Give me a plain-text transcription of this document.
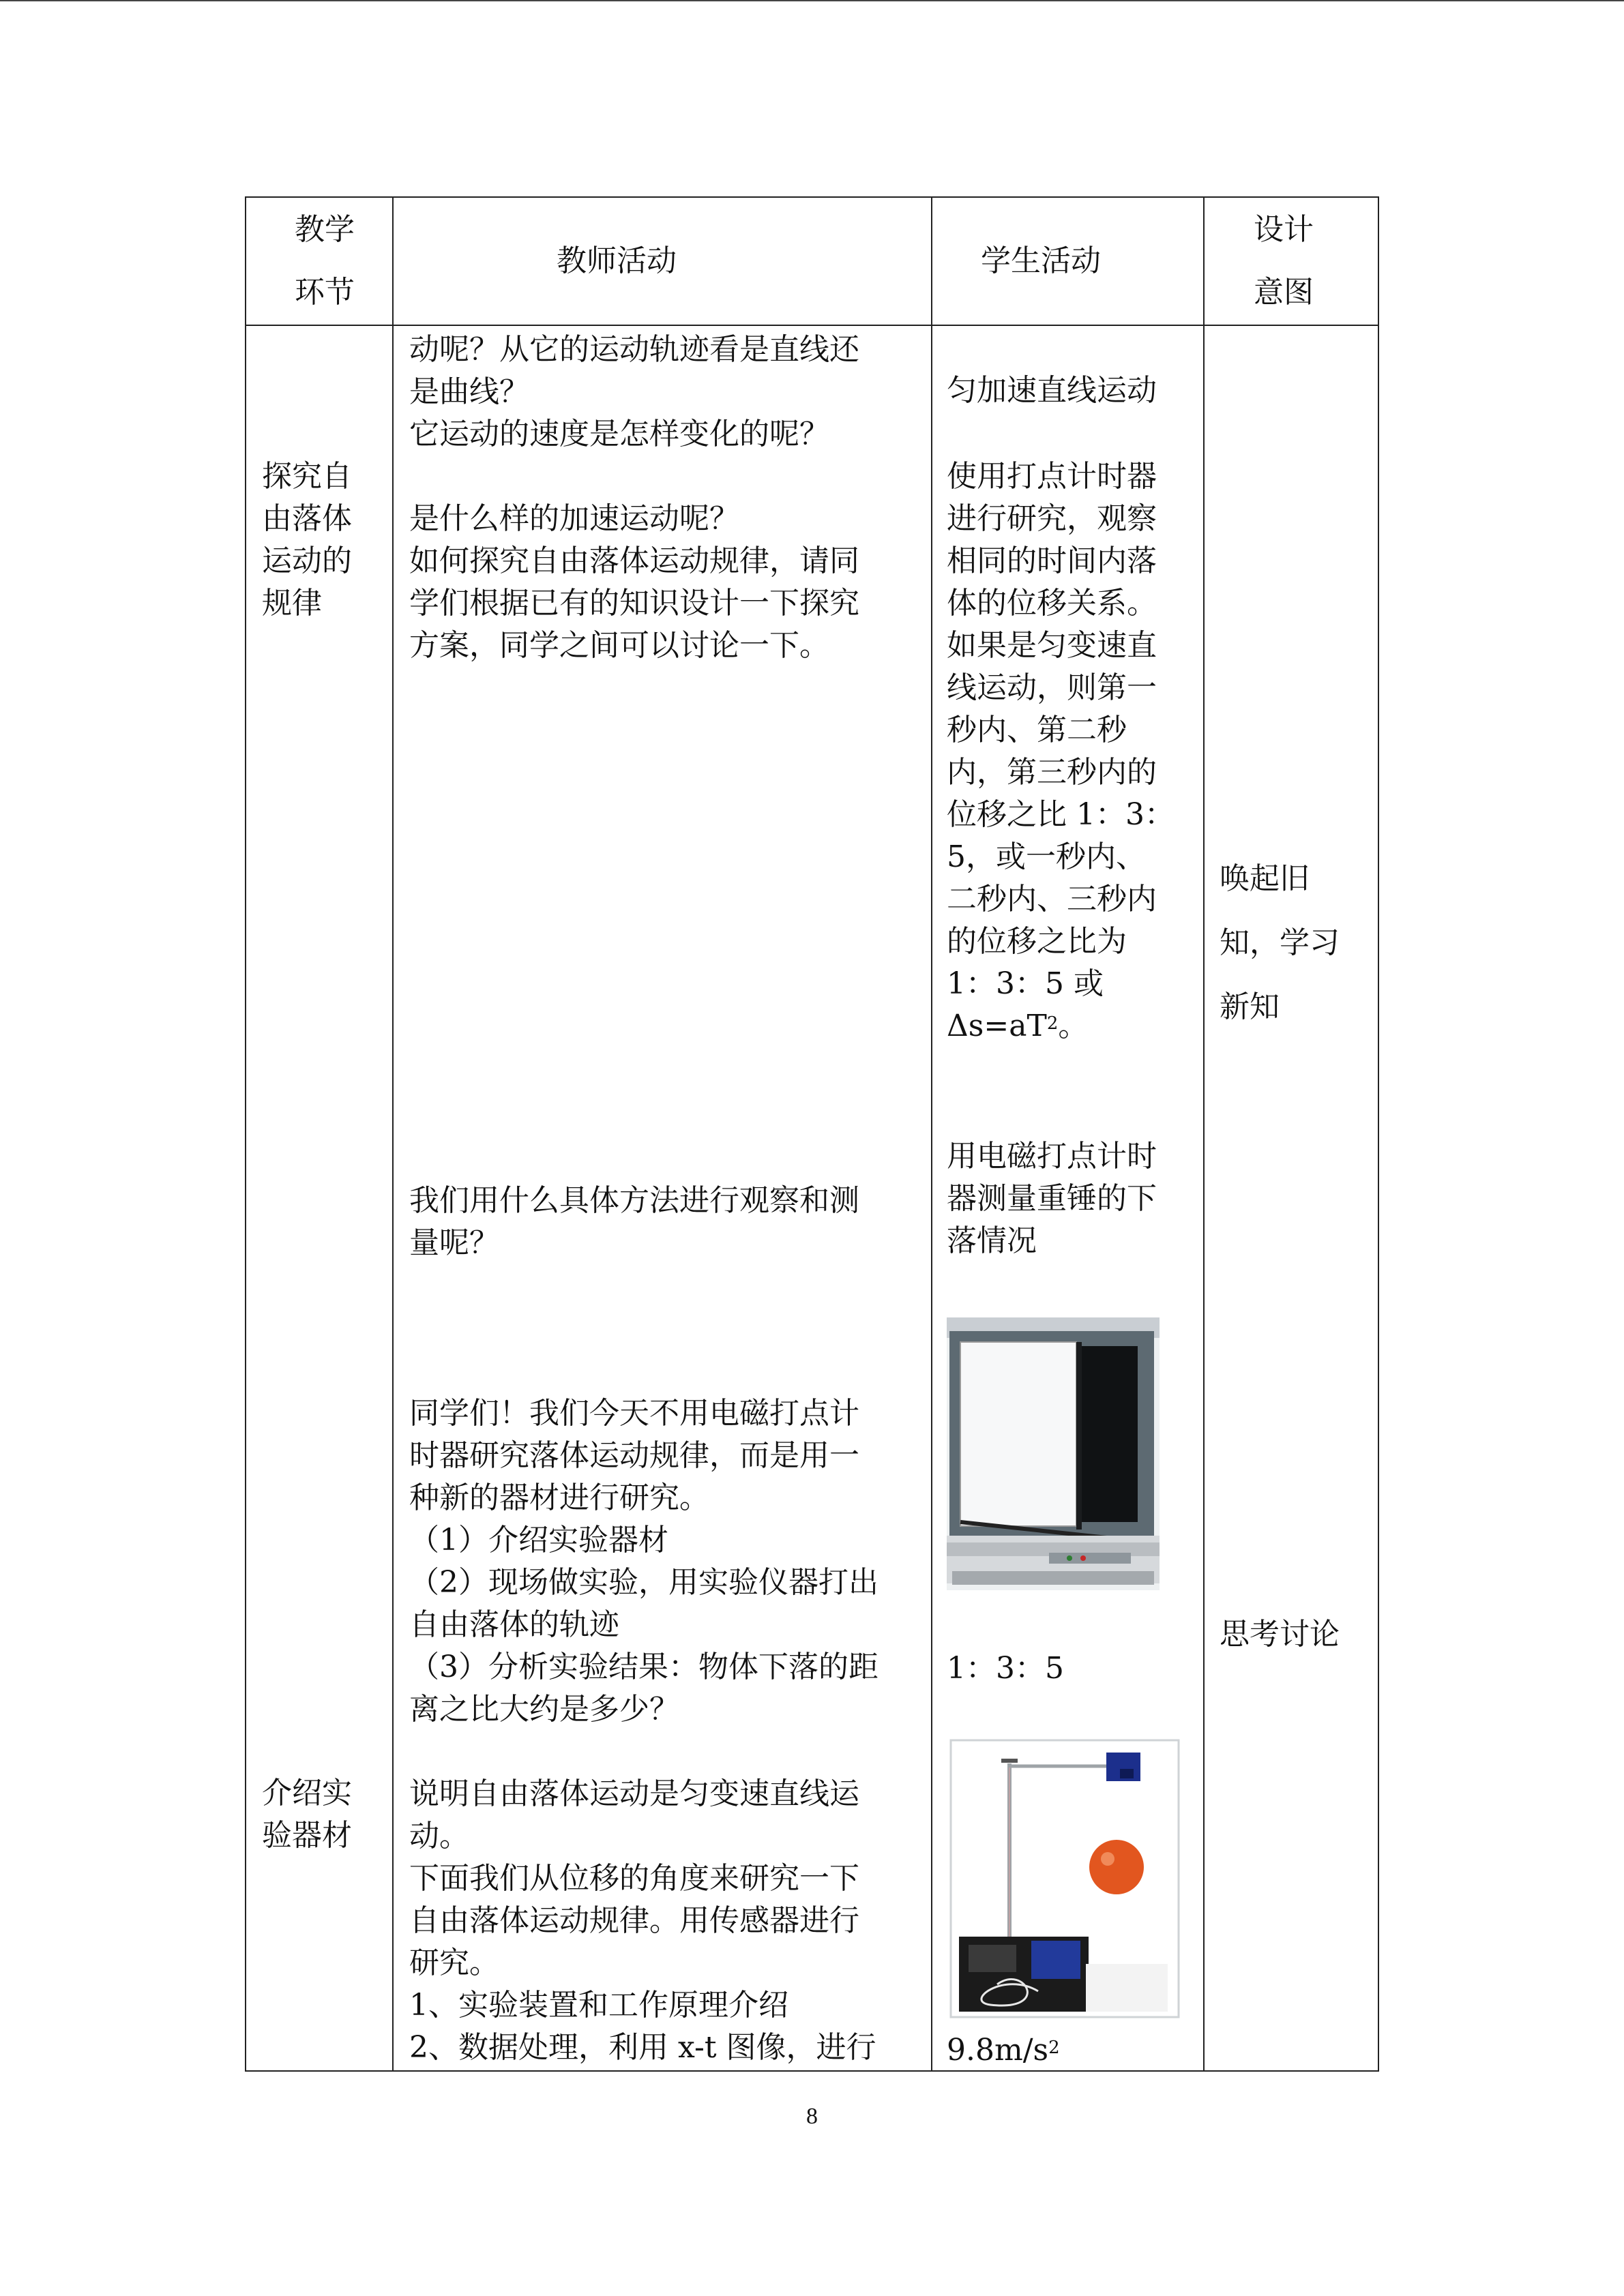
教学
环节
教师活动	学生活动
设计
意图
探究自
由落体
运动的
规律
介绍实
验器材
动呢？从它的运动轨迹看是直线还
是曲线？
它运动的速度是怎样变化的呢？
是什么样的加速运动呢？
如何探究自由落体运动规律，请同
学们根据已有的知识设计一下探究
方案，同学之间可以讨论一下。
我们用什么具体方法进行观察和测
量呢？
同学们！我们今天不用电磁打点计
时器研究落体运动规律，而是用一
种新的器材进行研究。
（1）介绍实验器材
（2）现场做实验，用实验仪器打出
自由落体的轨迹
（3）分析实验结果：物体下落的距
离之比大约是多少？
说明自由落体运动是匀变速直线运
动。
下面我们从位移的角度来研究一下
自由落体运动规律。用传感器进行
研究。
1、实验装置和工作原理介绍
2、数据处理，利用 x-t 图像，进行
匀加速直线运动
使用打点计时器
进行研究，观察
相同的时间内落
体的位移关系。
如果是匀变速直
线运动，则第一
秒内、第二秒
内，第三秒内的
位移之比 1：3：
5，或一秒内、
二秒内、三秒内
的位移之比为
1：3：5 或
$\Delta s=aT^2$。
用电磁打点计时
器测量重锤的下
落情况
1：3：5
$9.8m/s^2$
唤起旧
知，学习
新知
思考讨论
8
